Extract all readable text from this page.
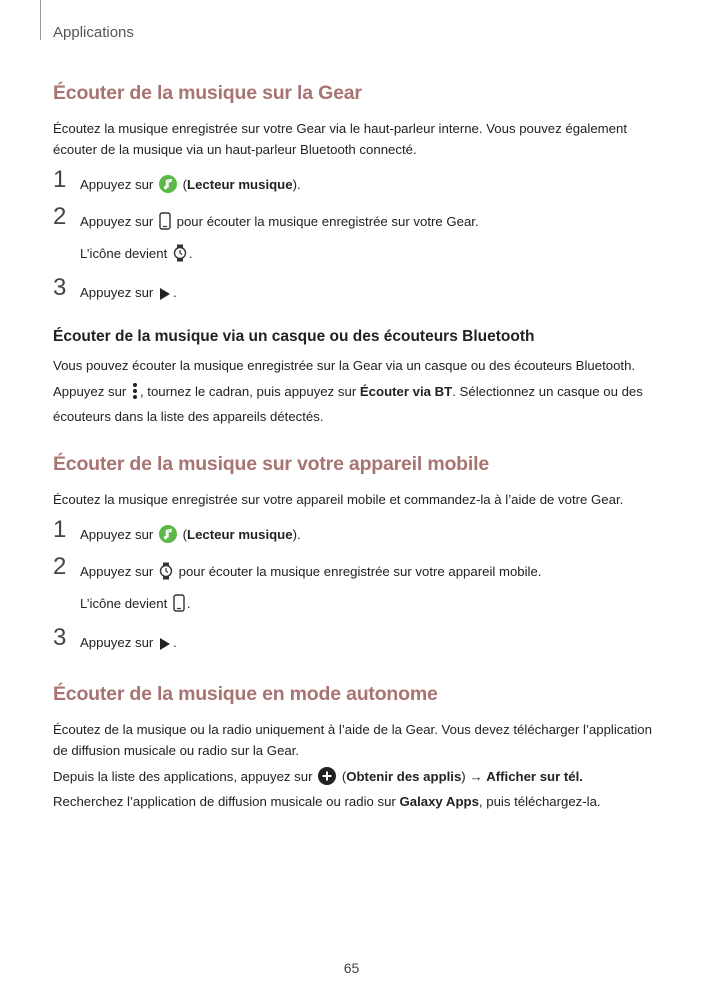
Applications
Écouter de la musique sur la Gear

Écoutez la musique enregistrée sur votre Gear via le haut-parleur interne. Vous pouvez également écouter de la musique via un haut-parleur Bluetooth connecté.

1 Appuyez sur  (Lecteur musique).
2 Appuyez sur  pour écouter la musique enregistrée sur votre Gear.
L’icône devient .
3 Appuyez sur .
Écouter de la musique via un casque ou des écouteurs Bluetooth

Vous pouvez écouter la musique enregistrée sur la Gear via un casque ou des écouteurs Bluetooth.

Appuyez sur , tournez le cadran, puis appuyez sur Écouter via BT. Sélectionnez un casque ou des écouteurs dans la liste des appareils détectés.

Écouter de la musique sur votre appareil mobile

Écoutez la musique enregistrée sur votre appareil mobile et commandez-la à l’aide de votre Gear.

1 Appuyez sur  (Lecteur musique).
2 Appuyez sur  pour écouter la musique enregistrée sur votre appareil mobile.
L’icône devient .
3 Appuyez sur .
Écouter de la musique en mode autonome

Écoutez de la musique ou la radio uniquement à l’aide de la Gear. Vous devez télécharger l’application de diffusion musicale ou radio sur la Gear.

Depuis la liste des applications, appuyez sur  (Obtenir des applis) → Afficher sur tél. Recherchez l’application de diffusion musicale ou radio sur Galaxy Apps, puis téléchargez-la.

65
